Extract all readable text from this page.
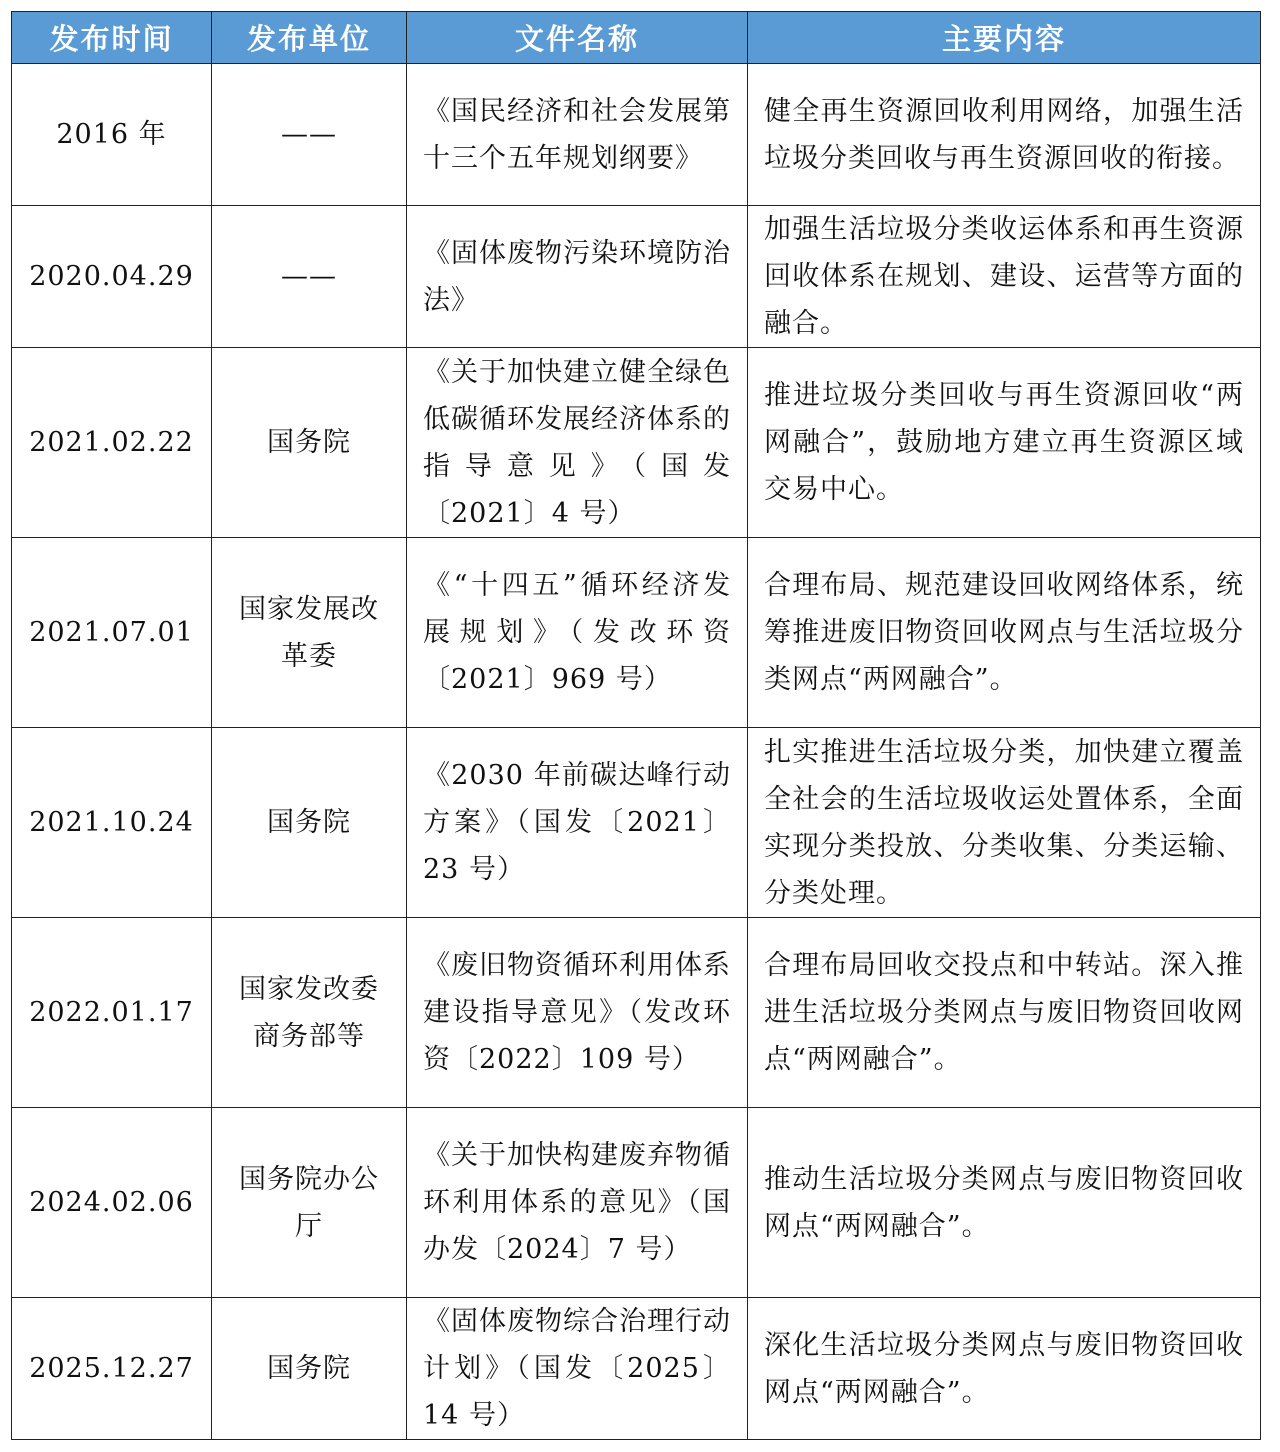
发布时间	发布单位	文件名称	主要内容
2016 年	——	《国民经济和社会发展第十三个五年规划纲要》	健全再生资源回收利用网络，加强生活垃圾分类回收与再生资源回收的衔接。
2020.04.29	——	《固体废物污染环境防治法》	加强生活垃圾分类收运体系和再生资源回收体系在规划、建设、运营等方面的融合。
2021.02.22	国务院	《关于加快建立健全绿色低碳循环发展经济体系的指导意见》（国发〔2021〕4 号）	推进垃圾分类回收与再生资源回收“两网融合”，鼓励地方建立再生资源区域交易中心。
2021.07.01	国家发展改革委	《“十四五”循环经济发展规划》（发改环资〔2021〕969 号）	合理布局、规范建设回收网络体系，统筹推进废旧物资回收网点与生活垃圾分类网点“两网融合”。
2021.10.24	国务院	《2030 年前碳达峰行动方案》（国发〔2021〕23 号）	扎实推进生活垃圾分类，加快建立覆盖全社会的生活垃圾收运处置体系，全面实现分类投放、分类收集、分类运输、分类处理。
2022.01.17	国家发改委商务部等	《废旧物资循环利用体系建设指导意见》（发改环资〔2022〕109 号）	合理布局回收交投点和中转站。深入推进生活垃圾分类网点与废旧物资回收网点“两网融合”。
2024.02.06	国务院办公厅	《关于加快构建废弃物循环利用体系的意见》（国办发〔2024〕7 号）	推动生活垃圾分类网点与废旧物资回收网点“两网融合”。
2025.12.27	国务院	《固体废物综合治理行动计划》（国发〔2025〕14 号）	深化生活垃圾分类网点与废旧物资回收网点“两网融合”。
